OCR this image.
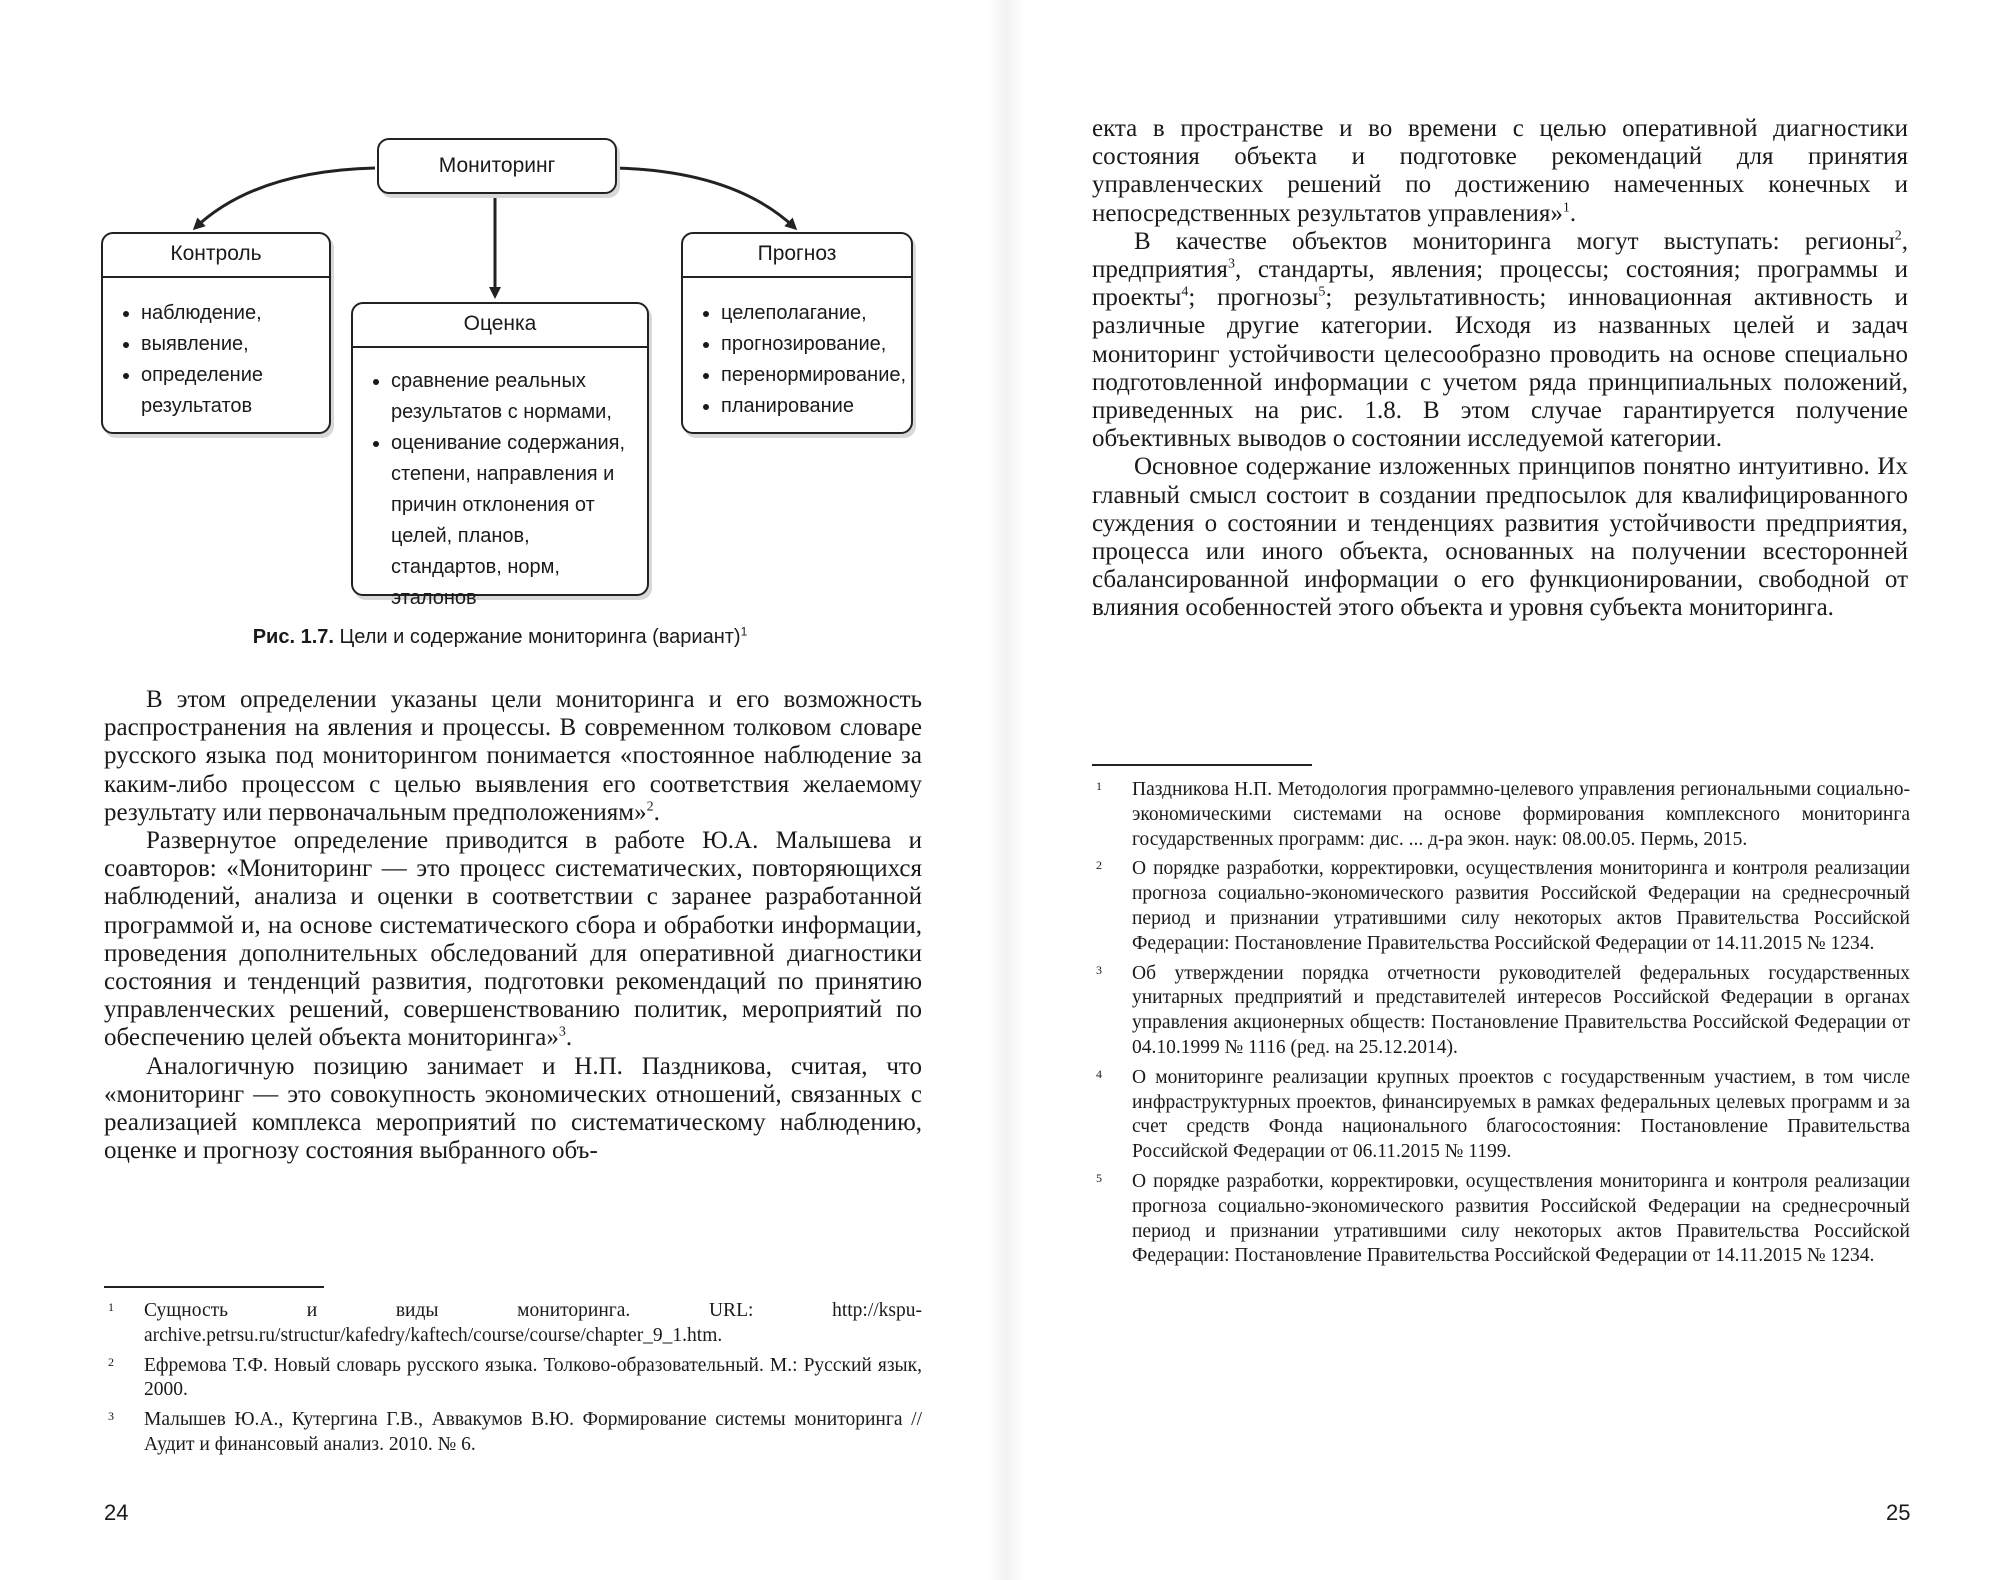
Мониторинг
Контроль
• наблюдение,
• выявление,
• определение результатов
Оценка
• сравнение реальных результатов с нормами,
• оценивание содержания, степени, направления и причин отклонения от целей, планов, стандартов, норм, эталонов
Прогноз
• целеполагание,
• прогнозирование,
• перенормирование,
• планирование
Рис. 1.7. Цели и содержание мониторинга (вариант)$^1$

В этом определении указаны цели мониторинга и его возможность распространения на явления и процессы. В современном толковом словаре русского языка под мониторингом понимается «постоянное наблюдение за каким-либо процессом с целью выявления его соответствия желаемому результату или первоначальным предположениям»$^2$.

Развернутое определение приводится в работе Ю.А. Малышева и соавторов: «Мониторинг — это процесс систематических, повторяющихся наблюдений, анализа и оценки в соответствии с заранее разработанной программой и, на основе систематического сбора и обработки информации, проведения дополнительных обследований для оперативной диагностики состояния и тенденций развития, подготовки рекомендаций по принятию управленческих решений, совершенствованию политик, мероприятий по обеспечению целей объекта мониторинга»$^3$.

Аналогичную позицию занимает и Н.П. Паздникова, считая, что «мониторинг — это совокупность экономических отношений, связанных с реализацией комплекса мероприятий по систематическому наблюдению, оценке и прогнозу состояния выбранного объ-

1 Сущность и виды мониторинга. URL: http://kspu-archive.petrsu.ru/structur/kafedry/kaftech/course/course/chapter_9_1.htm.
2 Ефремова Т.Ф. Новый словарь русского языка. Толково-образовательный. М.: Русский язык, 2000.
3 Малышев Ю.А., Кутергина Г.В., Аввакумов В.Ю. Формирование системы мониторинга // Аудит и финансовый анализ. 2010. № 6.
24

екта в пространстве и во времени с целью оперативной диагностики состояния объекта и подготовке рекомендаций для принятия управленческих решений по достижению намеченных конечных и непосредственных результатов управления»$^1$.

В качестве объектов мониторинга могут выступать: регионы$^2$, предприятия$^3$, стандарты, явления; процессы; состояния; программы и проекты$^4$; прогнозы$^5$; результативность; инновационная активность и различные другие категории. Исходя из названных целей и задач мониторинг устойчивости целесообразно проводить на основе специально подготовленной информации с учетом ряда принципиальных положений, приведенных на рис. 1.8. В этом случае гарантируется получение объективных выводов о состоянии исследуемой категории.

Основное содержание изложенных принципов понятно интуитивно. Их главный смысл состоит в создании предпосылок для квалифицированного суждения о состоянии и тенденциях развития устойчивости предприятия, процесса или иного объекта, основанных на получении всесторонней сбалансированной информации о его функционировании, свободной от влияния особенностей этого объекта и уровня субъекта мониторинга.

1 Паздникова Н.П. Методология программно-целевого управления региональными социально-экономическими системами на основе формирования комплексного мониторинга государственных программ: дис. ... д-ра экон. наук: 08.00.05. Пермь, 2015.
2 О порядке разработки, корректировки, осуществления мониторинга и контроля реализации прогноза социально-экономического развития Российской Федерации на среднесрочный период и признании утратившими силу некоторых актов Правительства Российской Федерации: Постановление Правительства Российской Федерации от 14.11.2015 № 1234.
3 Об утверждении порядка отчетности руководителей федеральных государственных унитарных предприятий и представителей интересов Российской Федерации в органах управления акционерных обществ: Постановление Правительства Российской Федерации от 04.10.1999 № 1116 (ред. на 25.12.2014).
4 О мониторинге реализации крупных проектов с государственным участием, в том числе инфраструктурных проектов, финансируемых в рамках федеральных целевых программ и за счет средств Фонда национального благосостояния: Постановление Правительства Российской Федерации от 06.11.2015 № 1199.
5 О порядке разработки, корректировки, осуществления мониторинга и контроля реализации прогноза социально-экономического развития Российской Федерации на среднесрочный период и признании утратившими силу некоторых актов Правительства Российской Федерации: Постановление Правительства Российской Федерации от 14.11.2015 № 1234.
25
